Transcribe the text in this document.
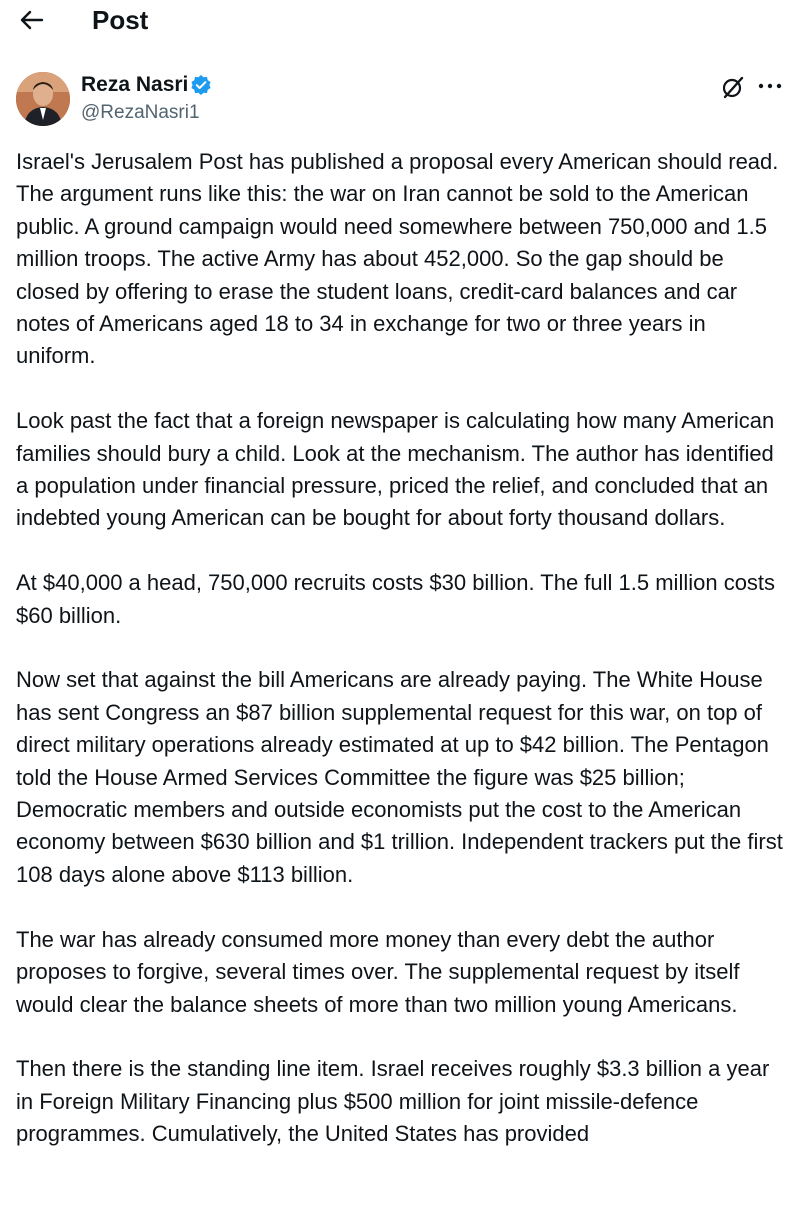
Post
Reza Nasri
@RezaNasri1

Israel's Jerusalem Post has published a proposal every American should read. The argument runs like this: the war on Iran cannot be sold to the American public. A ground campaign would need somewhere between 750,000 and 1.5 million troops. The active Army has about 452,000. So the gap should be closed by offering to erase the student loans, credit-card balances and car notes of Americans aged 18 to 34 in exchange for two or three years in uniform.

Look past the fact that a foreign newspaper is calculating how many American families should bury a child. Look at the mechanism. The author has identified a population under financial pressure, priced the relief, and concluded that an indebted young American can be bought for about forty thousand dollars.

At $40,000 a head, 750,000 recruits costs $30 billion. The full 1.5 million costs $60 billion.

Now set that against the bill Americans are already paying. The White House has sent Congress an $87 billion supplemental request for this war, on top of direct military operations already estimated at up to $42 billion. The Pentagon told the House Armed Services Committee the figure was $25 billion; Democratic members and outside economists put the cost to the American economy between $630 billion and $1 trillion. Independent trackers put the first 108 days alone above $113 billion.

The war has already consumed more money than every debt the author proposes to forgive, several times over. The supplemental request by itself would clear the balance sheets of more than two million young Americans.

Then there is the standing line item. Israel receives roughly $3.3 billion a year in Foreign Military Financing plus $500 million for joint missile-defence programmes. Cumulatively, the United States has provided
